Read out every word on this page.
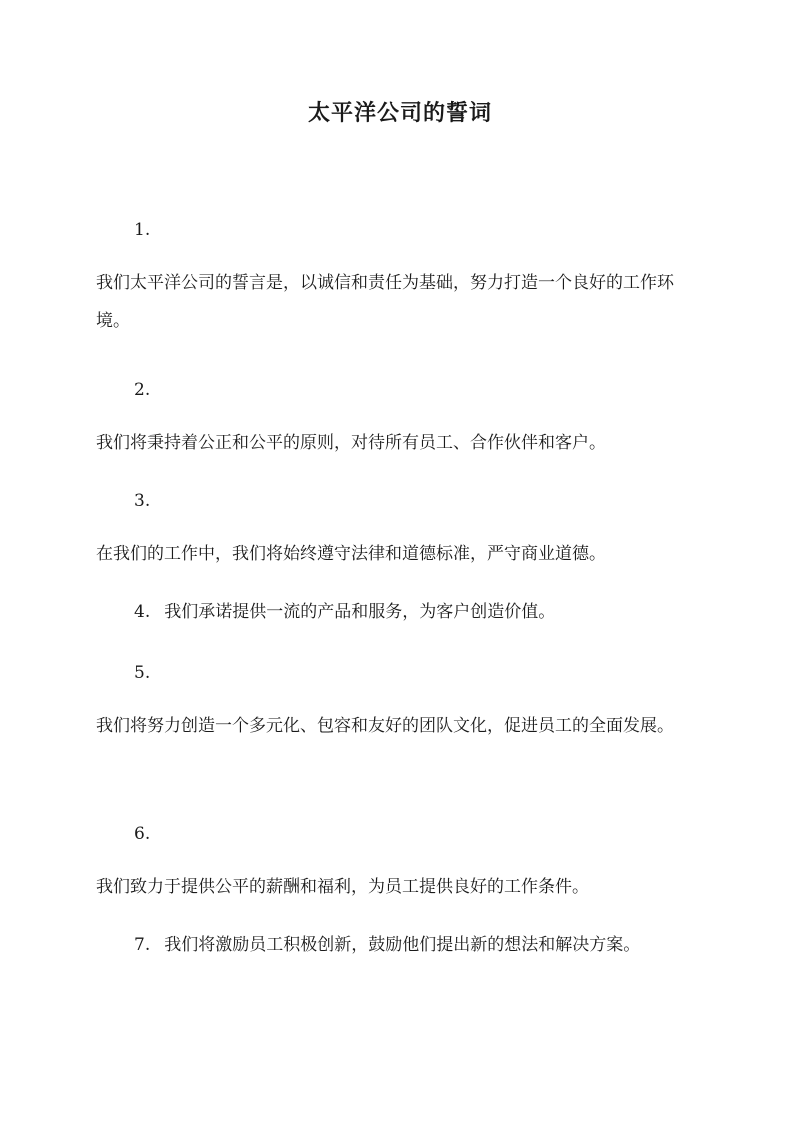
太平洋公司的誓词
1.
我们太平洋公司的誓言是，以诚信和责任为基础，努力打造一个良好的工作环境。
2.
我们将秉持着公正和公平的原则，对待所有员工、合作伙伴和客户。
3.
在我们的工作中，我们将始终遵守法律和道德标准，严守商业道德。
4. 我们承诺提供一流的产品和服务，为客户创造价值。
5.
我们将努力创造一个多元化、包容和友好的团队文化，促进员工的全面发展。
6.
我们致力于提供公平的薪酬和福利，为员工提供良好的工作条件。
7. 我们将激励员工积极创新，鼓励他们提出新的想法和解决方案。
